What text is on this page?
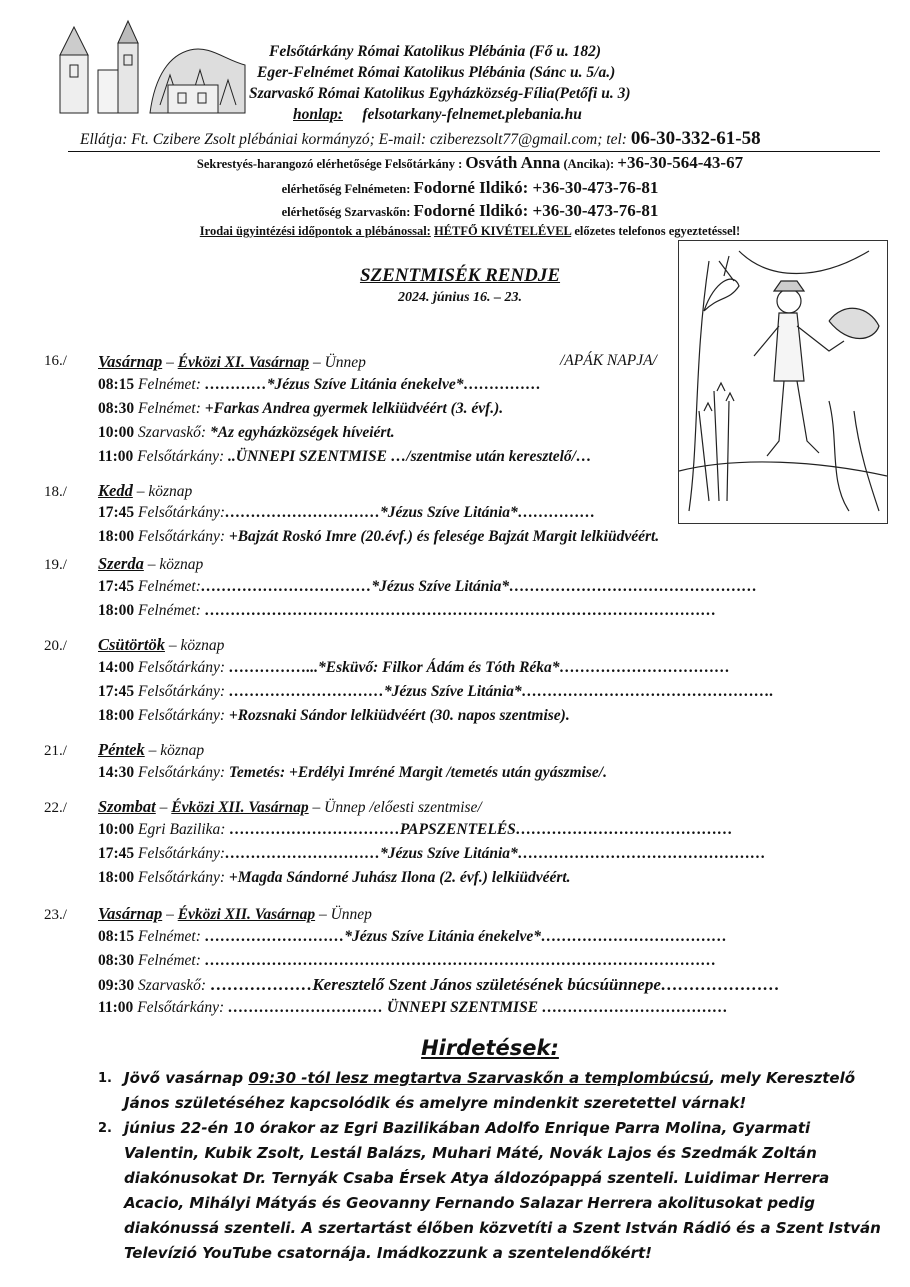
Felsőtárkány Római Katolikus Plébánia (Fő u. 182)
Eger-Felnémet Római Katolikus Plébánia (Sánc u. 5/a.)
Szarvaskő Római Katolikus Egyházközség-Fília(Petőfi u. 3)
honlap: felsotarkany-felnemet.plebania.hu
Ellátja: Ft. Czibere Zsolt plébániai kormányzó; E-mail: cziberezsolt77@gmail.com; tel: 06-30-332-61-58
Sekrestyés-harangozó elérhetősége Felsőtárkány : Osváth Anna (Ancika): +36-30-564-43-67
elérhetőség Felnémeten: Fodorné Ildikó: +36-30-473-76-81
elérhetőség Szarvaskőn: Fodorné Ildikó: +36-30-473-76-81
Irodai ügyintézési időpontok a plébánossal: HÉTFŐ KIVÉTELÉVEL előzetes telefonos egyeztetéssel!
SZENTMISÉK RENDJE
2024. június 16. – 23.
16./ Vasárnap – Évközi XI. Vasárnap – Ünnep	/APÁK NAPJA/
08:15 Felnémet: …………*Jézus Szíve Litánia énekelve*……………
08:30 Felnémet: +Farkas Andrea gyermek lelkiüdvéért (3. évf.).
10:00 Szarvaskő: *Az egyházközségek híveiért.
11:00 Felsőtárkány: ..ÜNNEPI SZENTMISE …/szentmise után keresztelő/…
18./ Kedd – köznap
17:45 Felsőtárkány:…………………………*Jézus Szíve Litánia*……………
18:00 Felsőtárkány: +Bajzát Roskó Imre (20.évf.) és felesége Bajzát Margit lelkiüdvéért.
19./ Szerda – köznap
17:45 Felnémet:……………………………*Jézus Szíve Litánia*…………………………………………
18:00 Felnémet: ………………………………………………………………………………………
20./ Csütörtök – köznap
14:00 Felsőtárkány: ……………...*Esküvő: Filkor Ádám és Tóth Réka*……………………………
17:45 Felsőtárkány: …………………………*Jézus Szíve Litánia*………………………………………….
18:00 Felsőtárkány: +Rozsnaki Sándor lelkiüdvéért (30. napos szentmise).
21./ Péntek – köznap
14:30 Felsőtárkány: Temetés: +Erdélyi Imréné Margit /temetés után gyászmise/.
22./ Szombat – Évközi XII. Vasárnap – Ünnep /előesti szentmise/
10:00 Egri Bazilika: ……………………………PAPSZENTELÉS……………………………………
17:45 Felsőtárkány:…………………………*Jézus Szíve Litánia*…………………………………………
18:00 Felsőtárkány: +Magda Sándorné Juhász Ilona (2. évf.) lelkiüdvéért.
23./ Vasárnap – Évközi XII. Vasárnap – Ünnep
08:15 Felnémet: ………………………*Jézus Szíve Litánia énekelve*………………………………
08:30 Felnémet: ………………………………………………………………………………………
09:30 Szarvaskő: ………………Keresztelő Szent János születésének búcsúünnepe…………………
11:00 Felsőtárkány: ………………………… ÜNNEPI SZENTMISE ………………………………
Hirdetések:
1. Jövő vasárnap 09:30 -tól lesz megtartva Szarvaskőn a templombúcsú, mely Keresztelő János születéséhez kapcsolódik és amelyre mindenkit szeretettel várnak!
2. június 22-én 10 órakor az Egri Bazilikában Adolfo Enrique Parra Molina, Gyarmati Valentin, Kubik Zsolt, Lestál Balázs, Muhari Máté, Novák Lajos és Szedmák Zoltán diakónusokat Dr. Ternyák Csaba Érsek Atya áldozópappá szenteli. Luidimar Herrera Acacio, Mihályi Mátyás és Geovanny Fernando Salazar Herrera akolitusokat pedig diakónussá szenteli. A szertartást élőben közvetíti a Szent István Rádió és a Szent István Televízió YouTube csatornája. Imádkozzunk a szentelendőkért!
